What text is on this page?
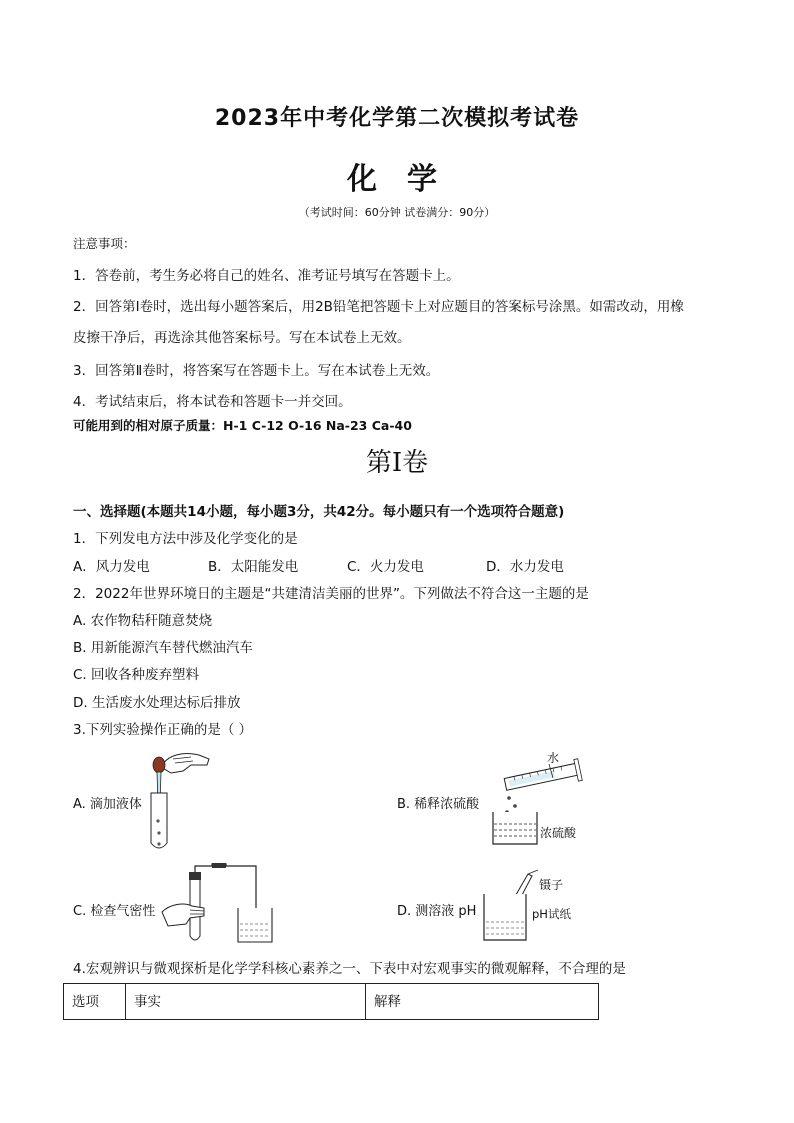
2023年中考化学第二次模拟考试卷
化学
（考试时间：60分钟 试卷满分：90分）
注意事项：
1．答卷前，考生务必将自己的姓名、准考证号填写在答题卡上。
2．回答第Ⅰ卷时，选出每小题答案后，用2B铅笔把答题卡上对应题目的答案标号涂黑。如需改动，用橡
皮擦干净后，再选涂其他答案标号。写在本试卷上无效。
3．回答第Ⅱ卷时，将答案写在答题卡上。写在本试卷上无效。
4．考试结束后，将本试卷和答题卡一并交回。
可能用到的相对原子质量：H-1 C-12 O-16 Na-23 Ca-40
第Ⅰ卷
一、选择题(本题共14小题，每小题3分，共42分。每小题只有一个选项符合题意)
1．下列发电方法中涉及化学变化的是
A．风力发电	B．太阳能发电	C．火力发电	D．水力发电
2．2022年世界环境日的主题是“共建清洁美丽的世界”。下列做法不符合这一主题的是
A. 农作物秸秆随意焚烧
B. 用新能源汽车替代燃油汽车
C. 回收各种废弃塑料
D. 生活废水处理达标后排放
3.下列实验操作正确的是（ ）
A. 滴加液体	B. 稀释浓硫酸
水
浓硫酸
C. 检查气密性	D. 测溶液 pH
镊子
pH试纸
4.宏观辨识与微观探析是化学学科核心素养之一、下表中对宏观事实的微观解释，不合理的是
选项	事实	解释
